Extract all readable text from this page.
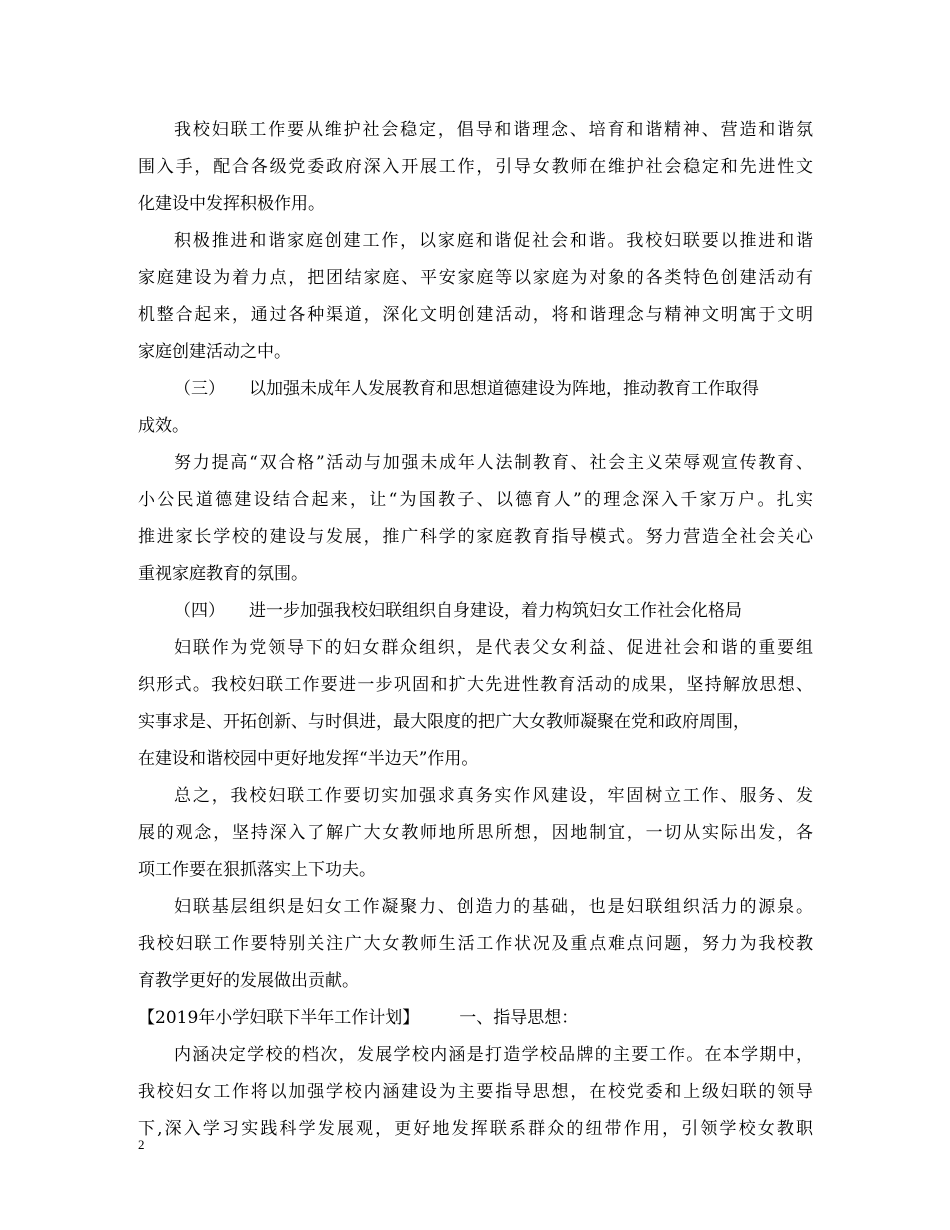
我校妇联工作要从维护社会稳定，倡导和谐理念、培育和谐精神、营造和谐氛
围入手，配合各级党委政府深入开展工作，引导女教师在维护社会稳定和先进性文
化建设中发挥积极作用。
积极推进和谐家庭创建工作，以家庭和谐促社会和谐。我校妇联要以推进和谐
家庭建设为着力点，把团结家庭、平安家庭等以家庭为对象的各类特色创建活动有
机整合起来，通过各种渠道，深化文明创建活动，将和谐理念与精神文明寓于文明
家庭创建活动之中。
（三） 以加强未成年人发展教育和思想道德建设为阵地，推动教育工作取得
成效。
努力提高“双合格”活动与加强未成年人法制教育、社会主义荣辱观宣传教育、
小公民道德建设结合起来，让“为国教子、以德育人”的理念深入千家万户。扎实
推进家长学校的建设与发展，推广科学的家庭教育指导模式。努力营造全社会关心
重视家庭教育的氛围。
（四） 进一步加强我校妇联组织自身建设，着力构筑妇女工作社会化格局
妇联作为党领导下的妇女群众组织，是代表父女利益、促进社会和谐的重要组
织形式。我校妇联工作要进一步巩固和扩大先进性教育活动的成果，坚持解放思想、
实事求是、开拓创新、与时俱进，最大限度的把广大女教师凝聚在党和政府周围，
在建设和谐校园中更好地发挥“半边天”作用。
总之，我校妇联工作要切实加强求真务实作风建设，牢固树立工作、服务、发
展的观念，坚持深入了解广大女教师地所思所想，因地制宜，一切从实际出发，各
项工作要在狠抓落实上下功夫。
妇联基层组织是妇女工作凝聚力、创造力的基础，也是妇联组织活力的源泉。
我校妇联工作要特别关注广大女教师生活工作状况及重点难点问题，努力为我校教
育教学更好的发展做出贡献。
【2019年小学妇联下半年工作计划】 一、指导思想：
内涵决定学校的档次，发展学校内涵是打造学校品牌的主要工作。在本学期中，
我校妇女工作将以加强学校内涵建设为主要指导思想，在校党委和上级妇联的领导
下,深入学习实践科学发展观，更好地发挥联系群众的纽带作用，引领学校女教职
2
